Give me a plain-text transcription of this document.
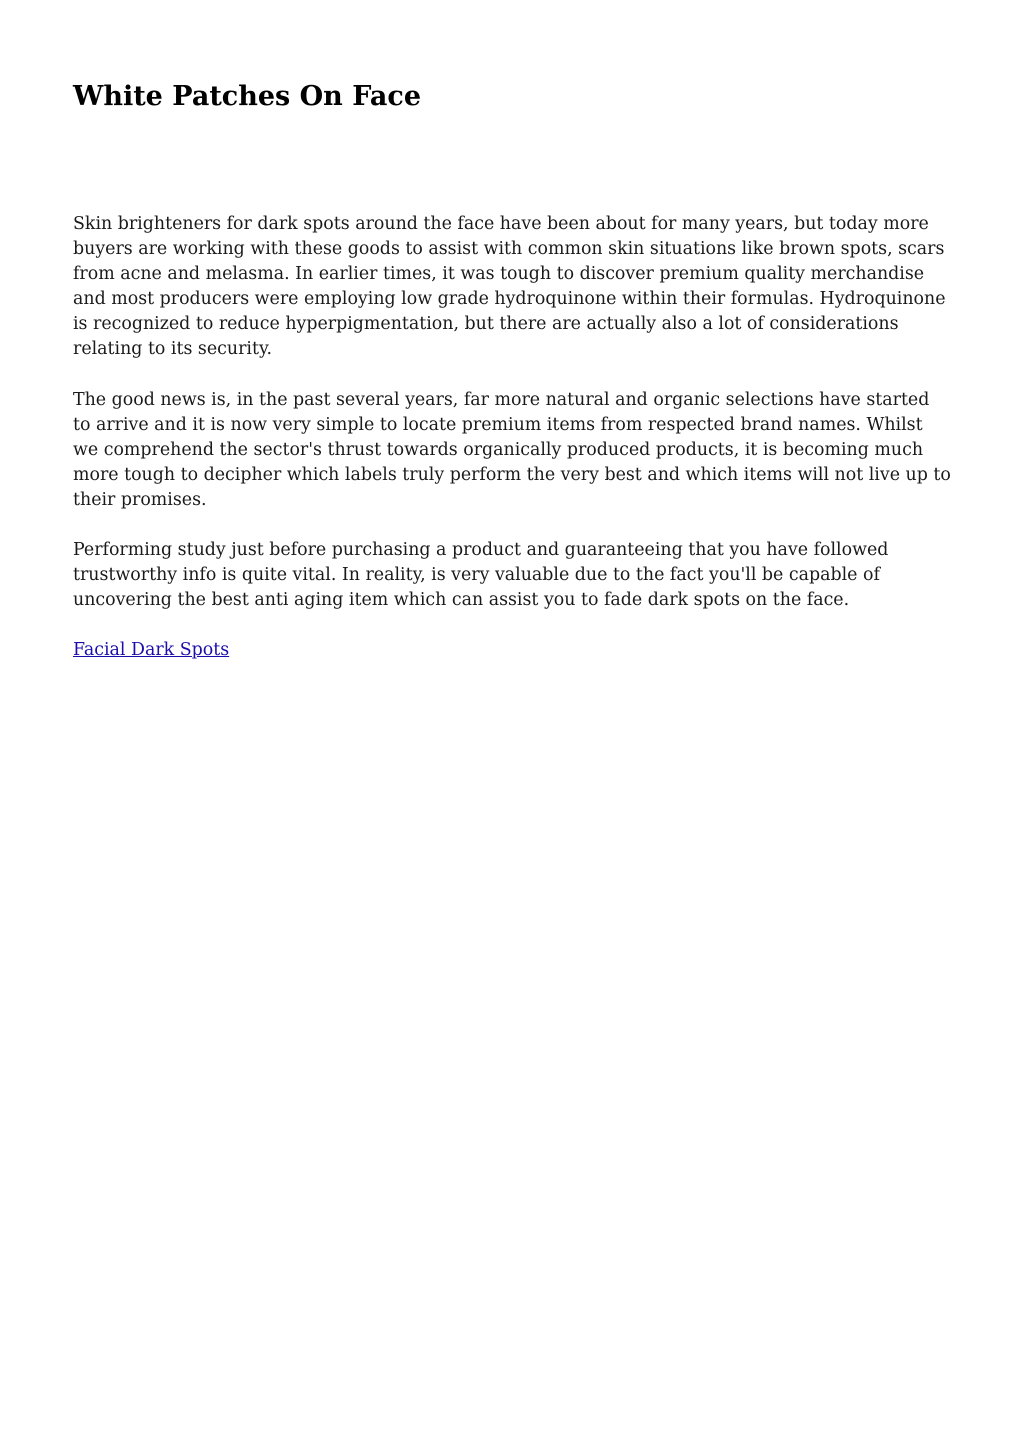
White Patches On Face

Skin brighteners for dark spots around the face have been about for many years, but today more buyers are working with these goods to assist with common skin situations like brown spots, scars from acne and melasma. In earlier times, it was tough to discover premium quality merchandise and most producers were employing low grade hydroquinone within their formulas. Hydroquinone is recognized to reduce hyperpigmentation, but there are actually also a lot of considerations relating to its security.

The good news is, in the past several years, far more natural and organic selections have started to arrive and it is now very simple to locate premium items from respected brand names. Whilst we comprehend the sector's thrust towards organically produced products, it is becoming much more tough to decipher which labels truly perform the very best and which items will not live up to their promises.

Performing study just before purchasing a product and guaranteeing that you have followed trustworthy info is quite vital. In reality, is very valuable due to the fact you'll be capable of uncovering the best anti aging item which can assist you to fade dark spots on the face.

Facial Dark Spots
